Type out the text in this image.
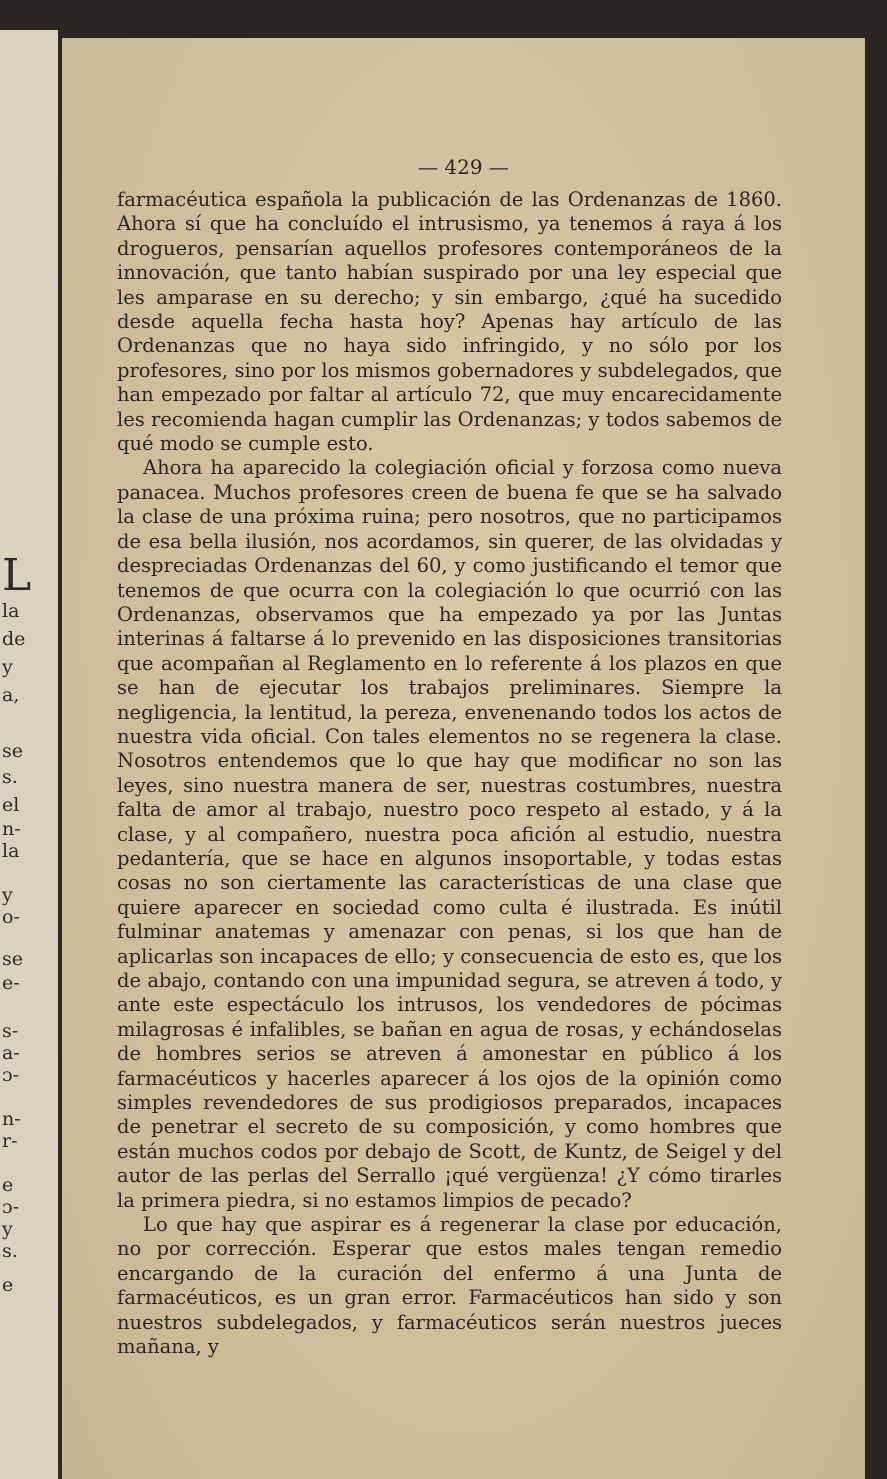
L
la
de
y
a,
se
s.
el
n-
la
y
o-
se
e-
s-
a-
ɔ-
n-
r-
e
ɔ-
y
s.
e
— 429 —

farmacéutica española la publicación de las Ordenanzas de 1860. Ahora sí que ha concluído el intrusismo, ya tenemos á raya á los drogueros, pensarían aquellos profesores contemporáneos de la innovación, que tanto habían suspirado por una ley especial que les amparase en su derecho; y sin embargo, ¿qué ha sucedido desde aquella fecha hasta hoy? Apenas hay artículo de las Ordenanzas que no haya sido infringido, y no sólo por los profesores, sino por los mismos gobernadores y subdelegados, que han empezado por faltar al artículo 72, que muy encarecidamente les recomienda hagan cumplir las Ordenanzas; y todos sabemos de qué modo se cumple esto.

Ahora ha aparecido la colegiación oficial y forzosa como nueva panacea. Muchos profesores creen de buena fe que se ha salvado la clase de una próxima ruina; pero nosotros, que no participamos de esa bella ilusión, nos acordamos, sin querer, de las olvidadas y despreciadas Ordenanzas del 60, y como justificando el temor que tenemos de que ocurra con la colegiación lo que ocurrió con las Ordenanzas, observamos que ha empezado ya por las Juntas interinas á faltarse á lo prevenido en las disposiciones transitorias que acompañan al Reglamento en lo referente á los plazos en que se han de ejecutar los trabajos preliminares. Siempre la negligencia, la lentitud, la pereza, envenenando todos los actos de nuestra vida oficial. Con tales elementos no se regenera la clase. Nosotros entendemos que lo que hay que modificar no son las leyes, sino nuestra manera de ser, nuestras costumbres, nuestra falta de amor al trabajo, nuestro poco respeto al estado, y á la clase, y al compañero, nuestra poca afición al estudio, nuestra pedantería, que se hace en algunos insoportable, y todas estas cosas no son ciertamente las características de una clase que quiere aparecer en sociedad como culta é ilustrada. Es inútil fulminar anatemas y amenazar con penas, si los que han de aplicarlas son incapaces de ello; y consecuencia de esto es, que los de abajo, contando con una impunidad segura, se atreven á todo, y ante este espectáculo los intrusos, los vendedores de pócimas milagrosas é infalibles, se bañan en agua de rosas, y echándoselas de hombres serios se atreven á amonestar en público á los farmacéuticos y hacerles aparecer á los ojos de la opinión como simples revendedores de sus prodigiosos preparados, incapaces de penetrar el secreto de su composición, y como hombres que están muchos codos por debajo de Scott, de Kuntz, de Seigel y del autor de las perlas del Serrallo ¡qué vergüenza! ¿Y cómo tirarles la primera piedra, si no estamos limpios de pecado?

Lo que hay que aspirar es á regenerar la clase por educación, no por corrección. Esperar que estos males tengan remedio encargando de la curación del enfermo á una Junta de farmacéuticos, es un gran error. Farmacéuticos han sido y son nuestros subdelegados, y farmacéuticos serán nuestros jueces mañana, y
